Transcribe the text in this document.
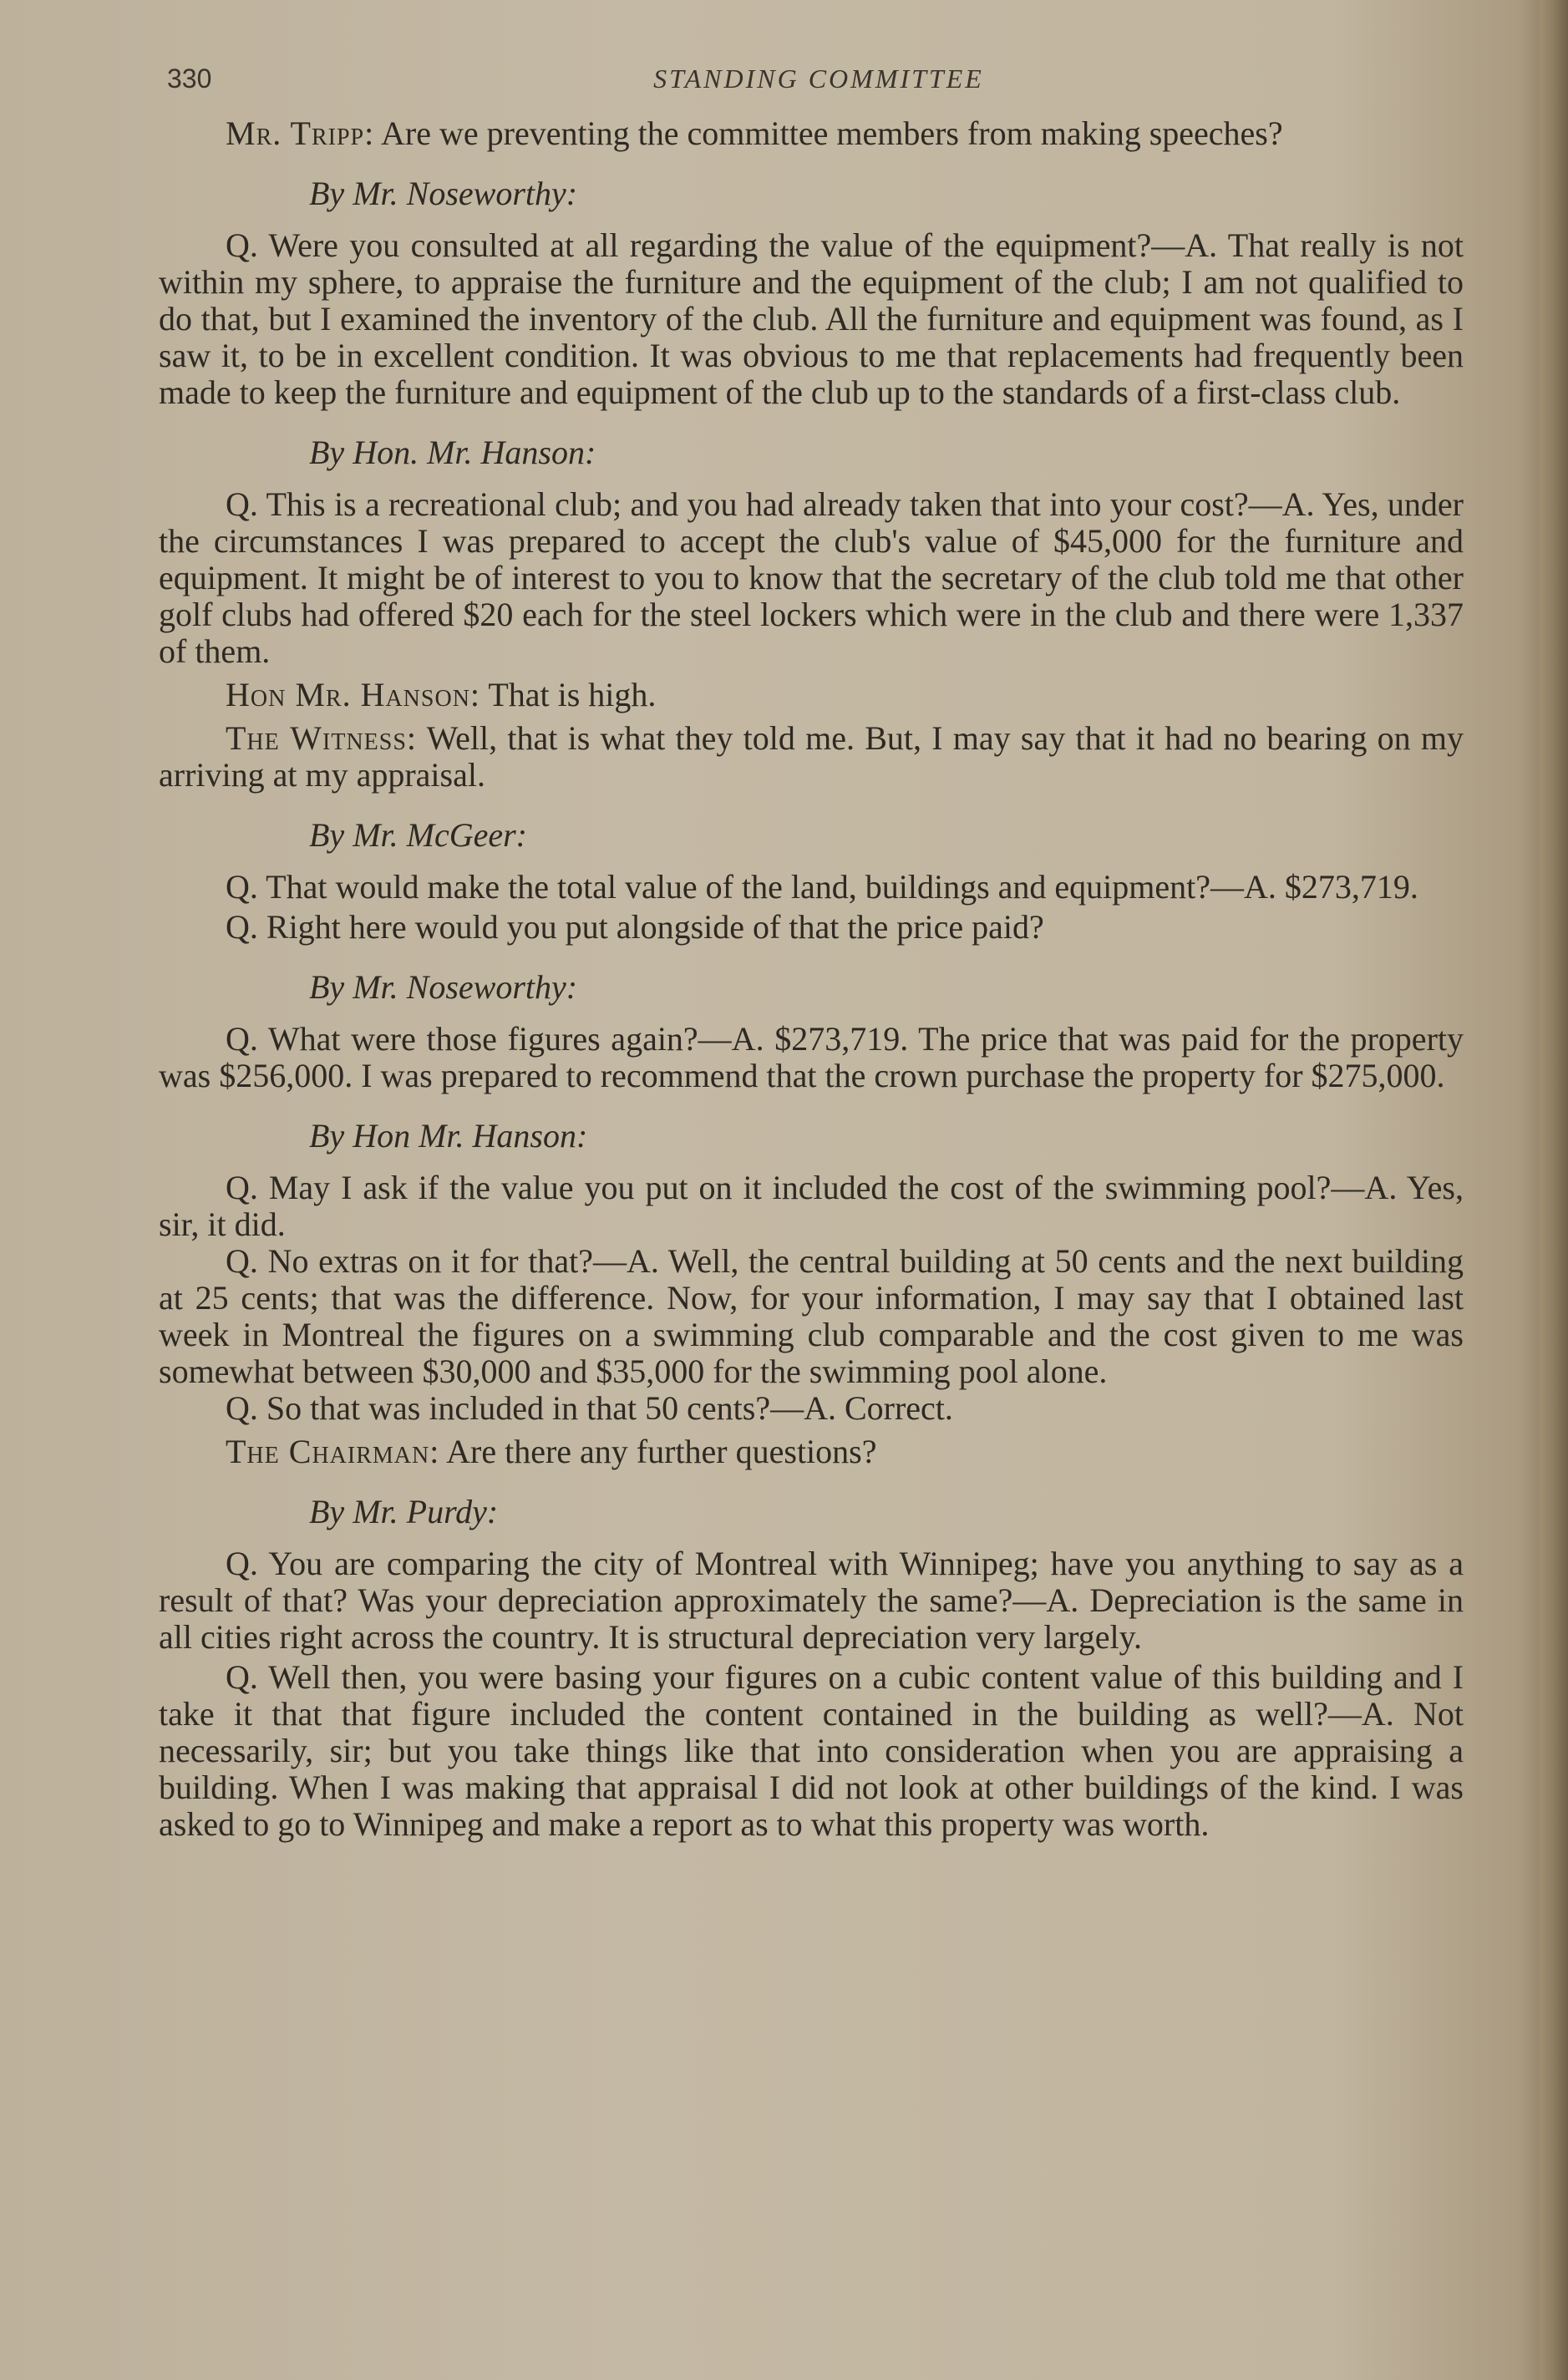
330	STANDING COMMITTEE

Mr. Tripp: Are we preventing the committee members from making speeches?

By Mr. Noseworthy:

Q. Were you consulted at all regarding the value of the equipment?—A. That really is not within my sphere, to appraise the furniture and the equipment of the club; I am not qualified to do that, but I examined the inventory of the club. All the furniture and equipment was found, as I saw it, to be in excellent condition. It was obvious to me that replacements had frequently been made to keep the furniture and equipment of the club up to the standards of a first-class club.

By Hon. Mr. Hanson:

Q. This is a recreational club; and you had already taken that into your cost?—A. Yes, under the circumstances I was prepared to accept the club's value of $45,000 for the furniture and equipment. It might be of interest to you to know that the secretary of the club told me that other golf clubs had offered $20 each for the steel lockers which were in the club and there were 1,337 of them.

Hon Mr. Hanson: That is high.

The Witness: Well, that is what they told me. But, I may say that it had no bearing on my arriving at my appraisal.

By Mr. McGeer:

Q. That would make the total value of the land, buildings and equipment?—A. $273,719.

Q. Right here would you put alongside of that the price paid?

By Mr. Noseworthy:

Q. What were those figures again?—A. $273,719. The price that was paid for the property was $256,000. I was prepared to recommend that the crown purchase the property for $275,000.

By Hon Mr. Hanson:

Q. May I ask if the value you put on it included the cost of the swimming pool?—A. Yes, sir, it did.

Q. No extras on it for that?—A. Well, the central building at 50 cents and the next building at 25 cents; that was the difference. Now, for your information, I may say that I obtained last week in Montreal the figures on a swimming club comparable and the cost given to me was somewhat between $30,000 and $35,000 for the swimming pool alone.

Q. So that was included in that 50 cents?—A. Correct.

The Chairman: Are there any further questions?

By Mr. Purdy:

Q. You are comparing the city of Montreal with Winnipeg; have you anything to say as a result of that? Was your depreciation approximately the same?—A. Depreciation is the same in all cities right across the country. It is structural depreciation very largely.

Q. Well then, you were basing your figures on a cubic content value of this building and I take it that that figure included the content contained in the building as well?—A. Not necessarily, sir; but you take things like that into consideration when you are appraising a building. When I was making that appraisal I did not look at other buildings of the kind. I was asked to go to Winnipeg and make a report as to what this property was worth.
